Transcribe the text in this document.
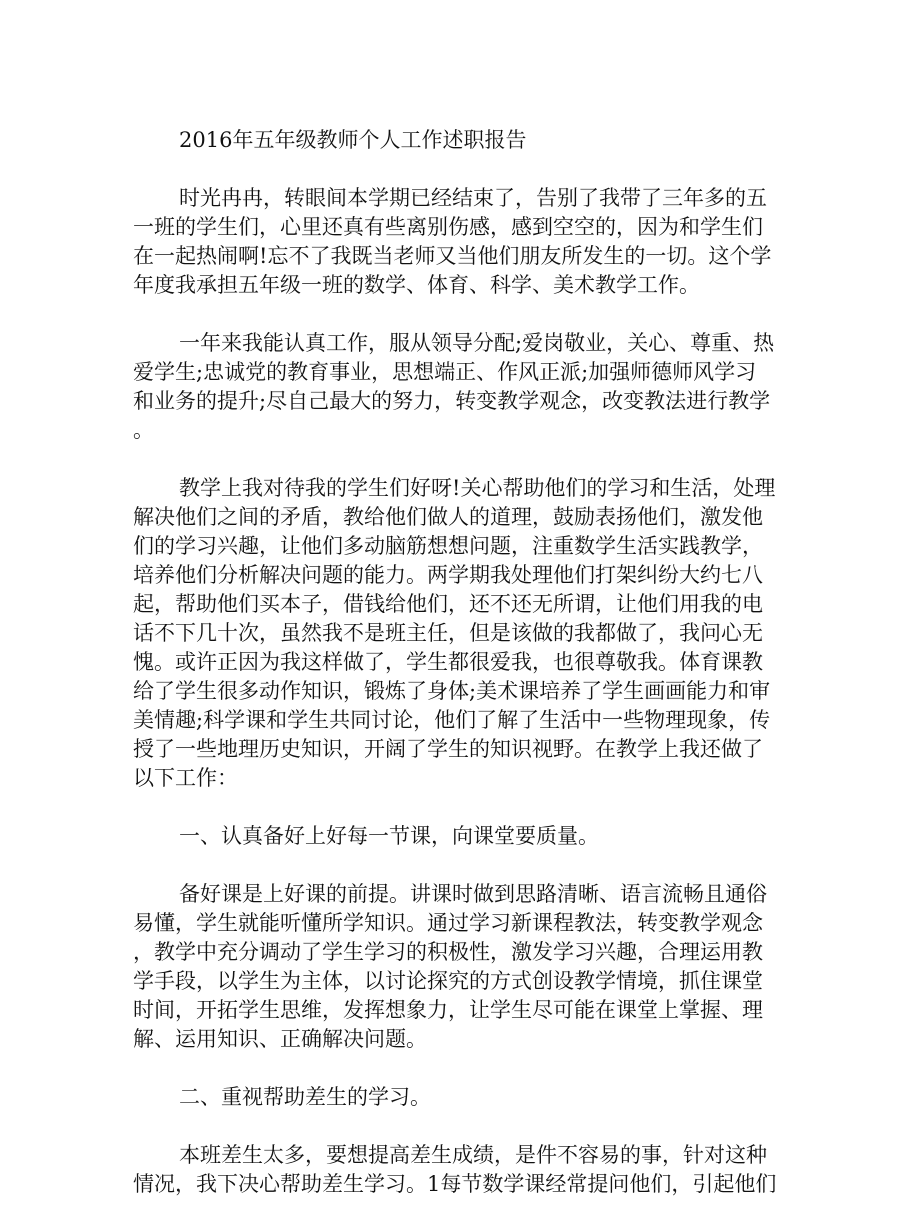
2016年五年级教师个人工作述职报告
时光冉冉，转眼间本学期已经结束了，告别了我带了三年多的五
一班的学生们，心里还真有些离别伤感，感到空空的，因为和学生们
在一起热闹啊!忘不了我既当老师又当他们朋友所发生的一切。这个学
年度我承担五年级一班的数学、体育、科学、美术教学工作。
一年来我能认真工作，服从领导分配;爱岗敬业，关心、尊重、热
爱学生;忠诚党的教育事业，思想端正、作风正派;加强师德师风学习
和业务的提升;尽自己最大的努力，转变教学观念，改变教法进行教学
。
教学上我对待我的学生们好呀!关心帮助他们的学习和生活，处理
解决他们之间的矛盾，教给他们做人的道理，鼓励表扬他们，激发他
们的学习兴趣，让他们多动脑筋想想问题，注重数学生活实践教学，
培养他们分析解决问题的能力。两学期我处理他们打架纠纷大约七八
起，帮助他们买本子，借钱给他们，还不还无所谓，让他们用我的电
话不下几十次，虽然我不是班主任，但是该做的我都做了，我问心无
愧。或许正因为我这样做了，学生都很爱我，也很尊敬我。体育课教
给了学生很多动作知识，锻炼了身体;美术课培养了学生画画能力和审
美情趣;科学课和学生共同讨论，他们了解了生活中一些物理现象，传
授了一些地理历史知识，开阔了学生的知识视野。在教学上我还做了
以下工作：
一、认真备好上好每一节课，向课堂要质量。
备好课是上好课的前提。讲课时做到思路清晰、语言流畅且通俗
易懂，学生就能听懂所学知识。通过学习新课程教法，转变教学观念
，教学中充分调动了学生学习的积极性，激发学习兴趣，合理运用教
学手段，以学生为主体，以讨论探究的方式创设教学情境，抓住课堂
时间，开拓学生思维，发挥想象力，让学生尽可能在课堂上掌握、理
解、运用知识、正确解决问题。
二、重视帮助差生的学习。
本班差生太多，要想提高差生成绩，是件不容易的事，针对这种
情况，我下决心帮助差生学习。1每节数学课经常提问他们，引起他们
